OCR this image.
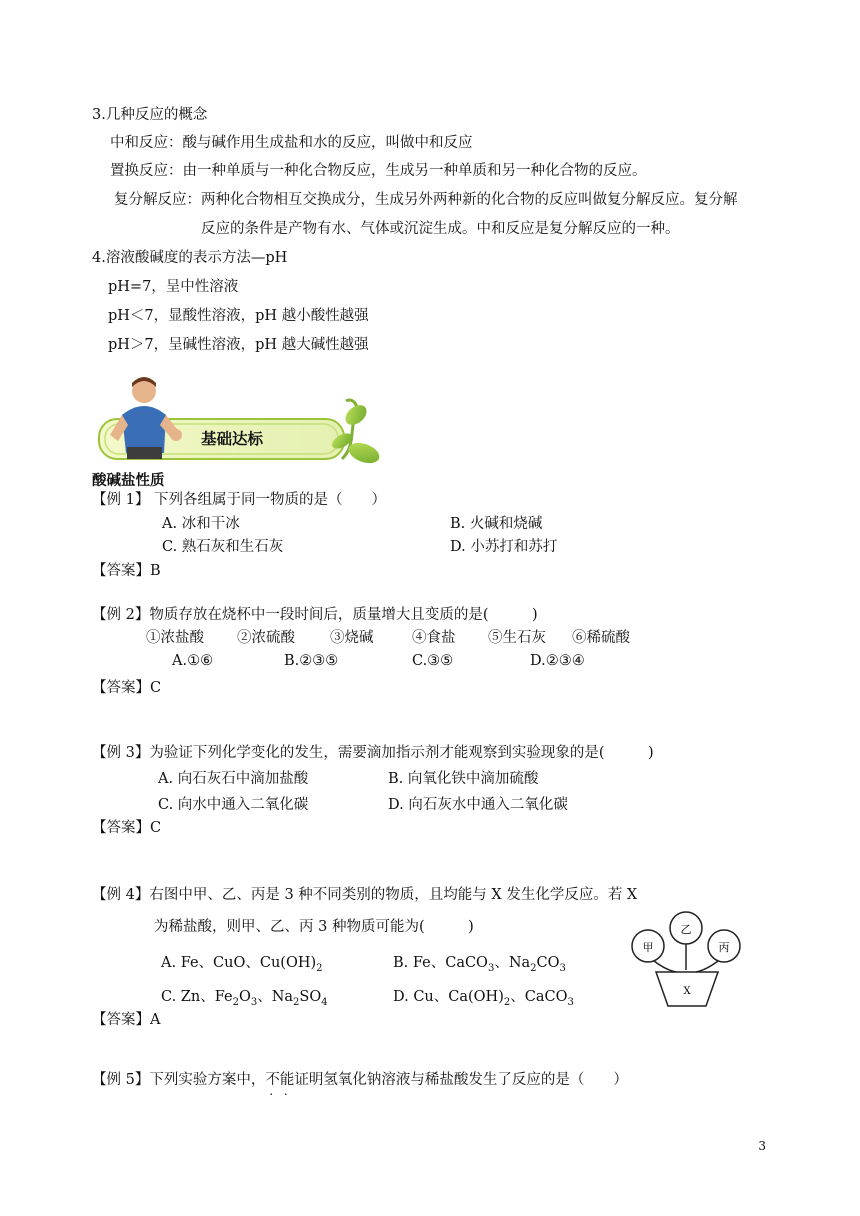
3.几种反应的概念
中和反应：酸与碱作用生成盐和水的反应，叫做中和反应
置换反应：由一种单质与一种化合物反应，生成另一种单质和另一种化合物的反应。
复分解反应：两种化合物相互交换成分，生成另外两种新的化合物的反应叫做复分解反应。复分解
反应的条件是产物有水、气体或沉淀生成。中和反应是复分解反应的一种。
4.溶液酸碱度的表示方法—pH
pH=7，呈中性溶液
pH＜7，显酸性溶液，pH 越小酸性越强
pH＞7，呈碱性溶液，pH 越大碱性越强
基础达标
酸碱盐性质
【例 1】 下列各组属于同一物质的是（　　）
A. 冰和干冰	B. 火碱和烧碱
C. 熟石灰和生石灰	D. 小苏打和苏打
【答案】B
【例 2】物质存放在烧杯中一段时间后，质量增大且变质的是(　　　)
①浓盐酸 ②浓硫酸 ③烧碱	④食盐 ⑤生石灰 ⑥稀硫酸
A.①⑥	B.②③⑤	C.③⑤	D.②③④
【答案】C
【例 3】为验证下列化学变化的发生，需要滴加指示剂才能观察到实验现象的是(　　　)
A. 向石灰石中滴加盐酸	B. 向氧化铁中滴加硫酸
C. 向水中通入二氧化碳	D. 向石灰水中通入二氧化碳
【答案】C
【例 4】右图中甲、乙、丙是 3 种不同类别的物质，且均能与 X 发生化学反应。若 X
为稀盐酸，则甲、乙、丙 3 种物质可能为(　　　)
A. Fe、CuO、$Cu(OH)_2$	B. Fe、CaCO$_3$、$Na_2CO_3$
C. Zn、$Fe_2O_3$、$Na_2SO_4$	D. Cu、$Ca(OH)_2$、CaCO$_3$
【答案】A
甲
乙
丙
X
【例 5】下列实验方案中，不能证明氢氧化钠溶液与稀盐酸发生了反应的是（　　）
3
